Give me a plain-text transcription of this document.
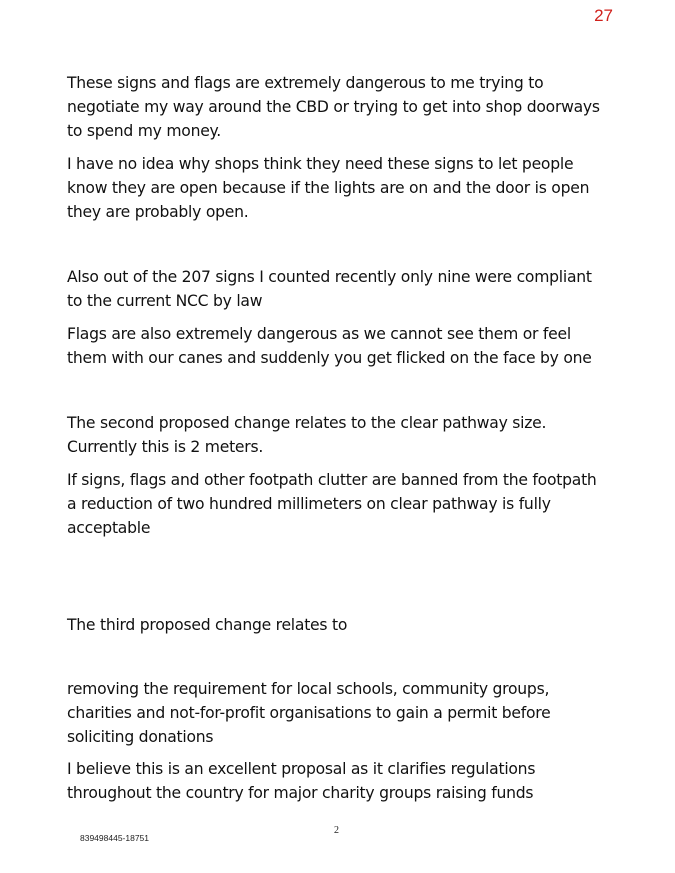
27

These signs and flags are extremely dangerous to me trying to
negotiate my way around the CBD or trying to get into shop doorways
to spend my money.

I have no idea why shops think they need these signs to let people
know they are open because if the lights are on and the door is open
they are probably open.

Also out of the 207 signs I counted recently only nine were compliant
to the current NCC by law

Flags are also extremely dangerous as we cannot see them or feel
them with our canes and suddenly you get flicked on the face by one

The second proposed change relates to the clear pathway size.
Currently this is 2 meters.

If signs, flags and other footpath clutter are banned from the footpath
a reduction of two hundred millimeters on clear pathway is fully
acceptable

The third proposed change relates to

removing the requirement for local schools, community groups,
charities and not-for-profit organisations to gain a permit before
soliciting donations

I believe this is an excellent proposal as it clarifies regulations
throughout the country for major charity groups raising funds

2
839498445-18751
